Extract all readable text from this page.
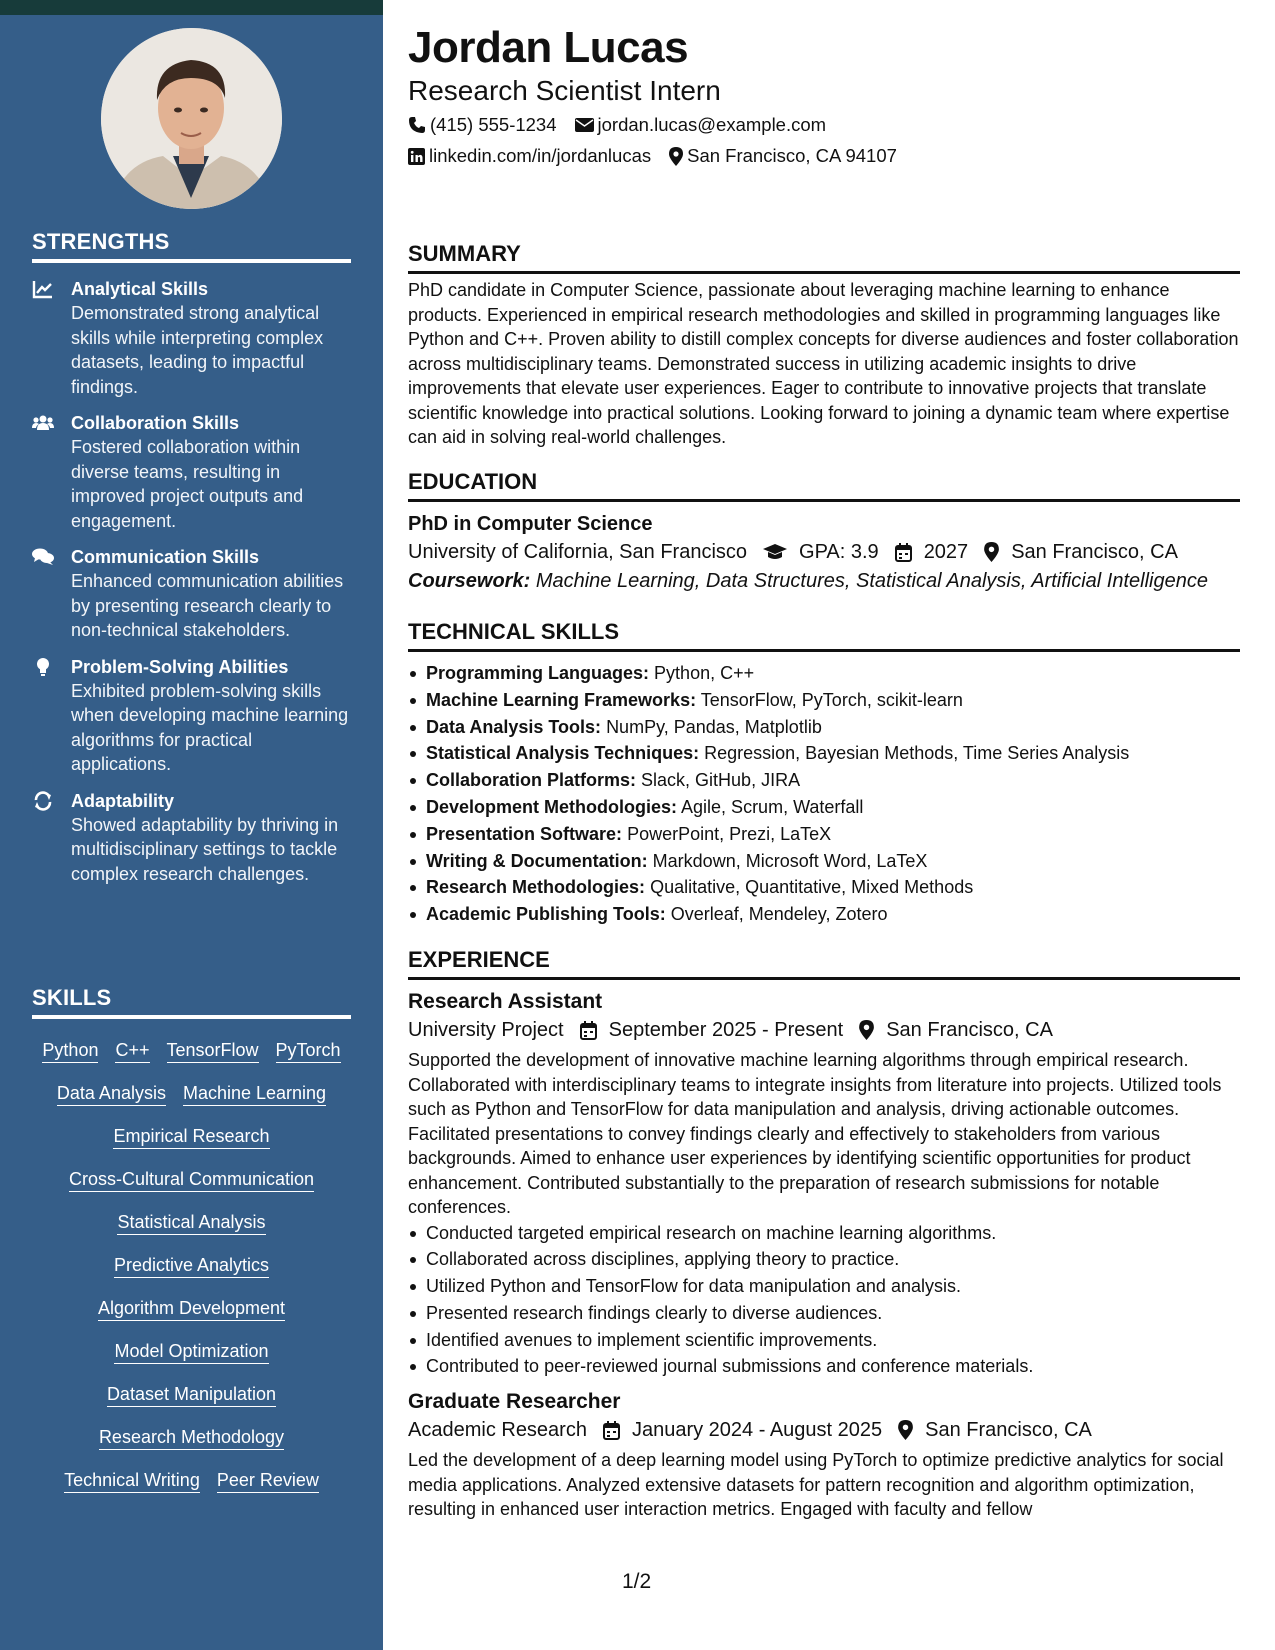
STRENGTHS
Analytical Skills
Demonstrated strong analytical skills while interpreting complex datasets, leading to impactful findings.
Collaboration Skills
Fostered collaboration within diverse teams, resulting in improved project outputs and engagement.
Communication Skills
Enhanced communication abilities by presenting research clearly to non-technical stakeholders.
Problem-Solving Abilities
Exhibited problem-solving skills when developing machine learning algorithms for practical applications.
Adaptability
Showed adaptability by thriving in multidisciplinary settings to tackle complex research challenges.
SKILLS
Python C++ TensorFlow PyTorch
Data Analysis Machine Learning
Empirical Research
Cross-Cultural Communication
Statistical Analysis
Predictive Analytics
Algorithm Development
Model Optimization
Dataset Manipulation
Research Methodology
Technical Writing Peer Review
Jordan Lucas
Research Scientist Intern
(415) 555-1234 jordan.lucas@example.com
linkedin.com/in/jordanlucas San Francisco, CA 94107
SUMMARY

PhD candidate in Computer Science, passionate about leveraging machine learning to enhance products. Experienced in empirical research methodologies and skilled in programming languages like Python and C++. Proven ability to distill complex concepts for diverse audiences and foster collaboration across multidisciplinary teams. Demonstrated success in utilizing academic insights to drive improvements that elevate user experiences. Eager to contribute to innovative projects that translate scientific knowledge into practical solutions. Looking forward to joining a dynamic team where expertise can aid in solving real-world challenges.

EDUCATION
PhD in Computer Science
University of California, San Francisco	GPA: 3.9 2027 San Francisco, CA
Coursework: Machine Learning, Data Structures, Statistical Analysis, Artificial Intelligence
TECHNICAL SKILLS
Programming Languages: Python, C++
Machine Learning Frameworks: TensorFlow, PyTorch, scikit-learn
Data Analysis Tools: NumPy, Pandas, Matplotlib
Statistical Analysis Techniques: Regression, Bayesian Methods, Time Series Analysis
Collaboration Platforms: Slack, GitHub, JIRA
Development Methodologies: Agile, Scrum, Waterfall
Presentation Software: PowerPoint, Prezi, LaTeX
Writing & Documentation: Markdown, Microsoft Word, LaTeX
Research Methodologies: Qualitative, Quantitative, Mixed Methods
Academic Publishing Tools: Overleaf, Mendeley, Zotero
EXPERIENCE
Research Assistant
University Project September 2025 - Present San Francisco, CA

Supported the development of innovative machine learning algorithms through empirical research. Collaborated with interdisciplinary teams to integrate insights from literature into projects. Utilized tools such as Python and TensorFlow for data manipulation and analysis, driving actionable outcomes. Facilitated presentations to convey findings clearly and effectively to stakeholders from various backgrounds. Aimed to enhance user experiences by identifying scientific opportunities for product enhancement. Contributed substantially to the preparation of research submissions for notable conferences.

Conducted targeted empirical research on machine learning algorithms.
Collaborated across disciplines, applying theory to practice.
Utilized Python and TensorFlow for data manipulation and analysis.
Presented research findings clearly to diverse audiences.
Identified avenues to implement scientific improvements.
Contributed to peer-reviewed journal submissions and conference materials.
Graduate Researcher
Academic Research January 2024 - August 2025 San Francisco, CA

Led the development of a deep learning model using PyTorch to optimize predictive analytics for social media applications. Analyzed extensive datasets for pattern recognition and algorithm optimization, resulting in enhanced user interaction metrics. Engaged with faculty and fellow

1/2
